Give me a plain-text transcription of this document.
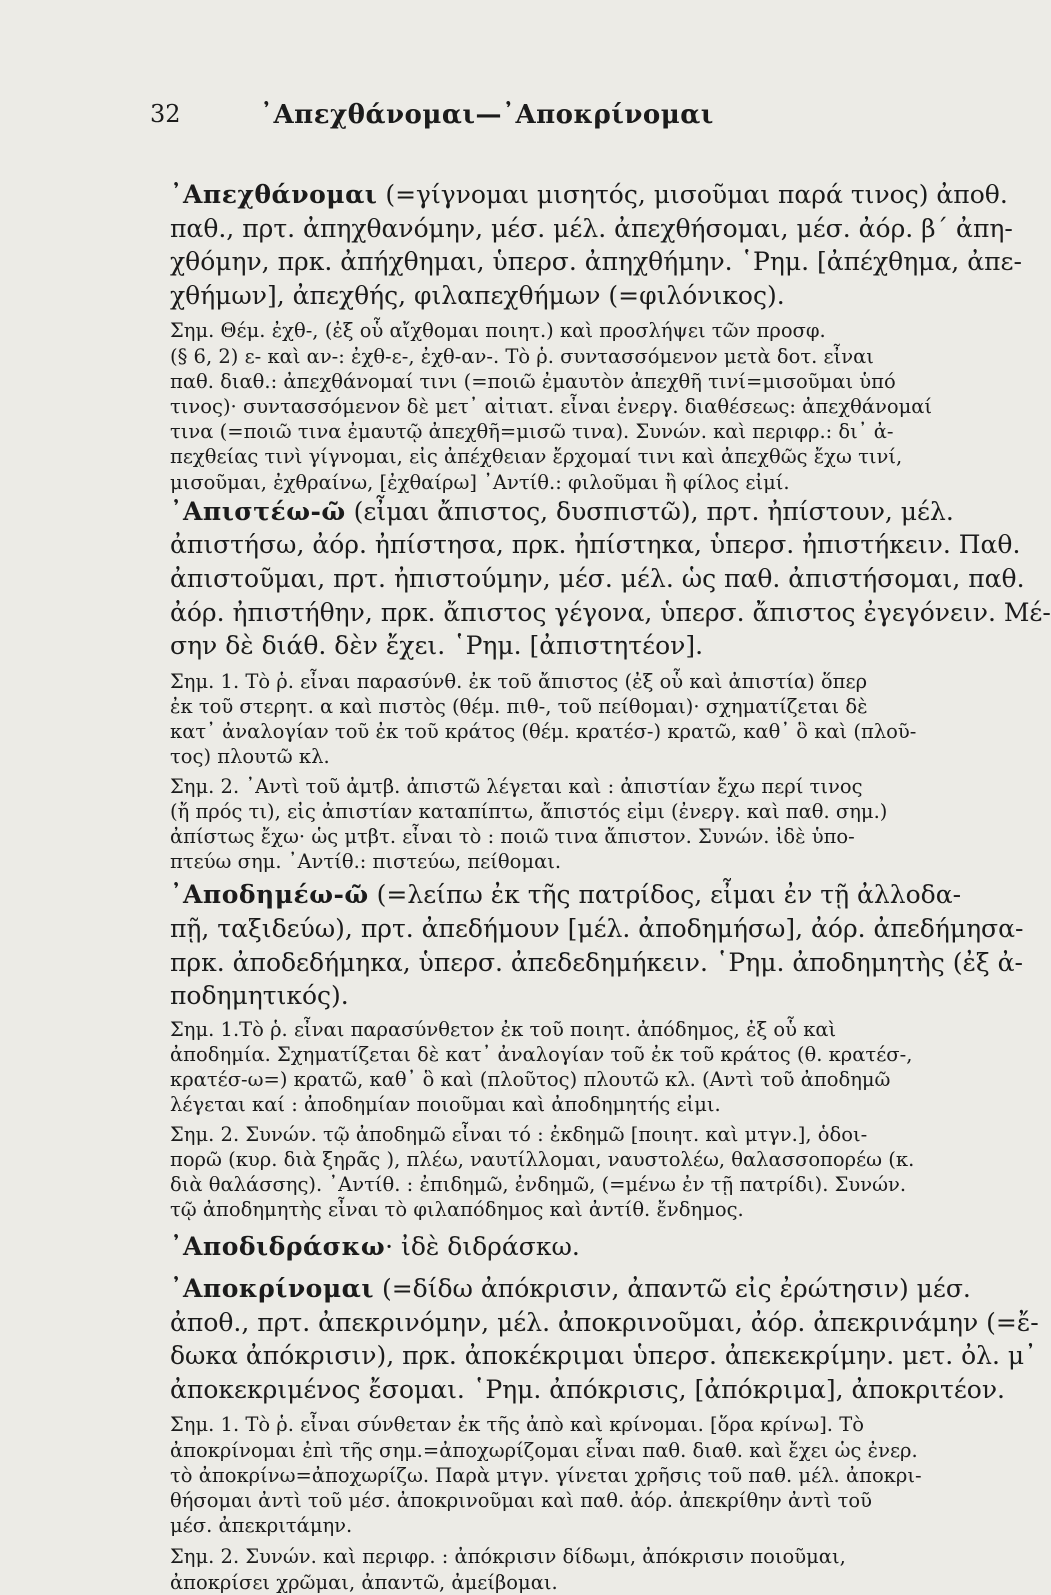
32	᾽Απεχθάνομαι—᾽Αποκρίνομαι

᾽Απεχθάνομαι (=γίγνομαι μισητός, μισοῦμαι παρά τινος) ἀποθ.
παθ., πρτ. ἀπηχθανόμην, μέσ. μέλ. ἀπεχθήσομαι, μέσ. ἀόρ. β΄ ἀπη-
χθόμην, πρκ. ἀπήχθημαι, ὑπερσ. ἀπηχθήμην. ῾Ρημ. [ἀπέχθημα, ἀπε-
χθήμων], ἀπεχθής, φιλαπεχθήμων (=φιλόνικος).

Σημ. Θέμ. ἐχθ-, (ἐξ οὗ αἴχθομαι ποιητ.) καὶ προσλήψει τῶν προσφ.
(§ 6, 2) ε- καὶ αν-: ἐχθ-ε-, ἐχθ-αν-. Τὸ ῥ. συντασσόμενον μετὰ δοτ. εἶναι
παθ. διαθ.: ἀπεχθάνομαί τινι (=ποιῶ ἐμαυτὸν ἀπεχθῆ τινί=μισοῦμαι ὑπό
τινος)· συντασσόμενον δὲ μετ᾽ αἰτιατ. εἶναι ἐνεργ. διαθέσεως: ἀπεχθάνομαί
τινα (=ποιῶ τινα ἐμαυτῷ ἀπεχθῆ=μισῶ τινα). Συνών. καὶ περιφρ.: δι᾽ ἀ-
πεχθείας τινὶ γίγνομαι, εἰς ἀπέχθειαν ἔρχομαί τινι καὶ ἀπεχθῶς ἔχω τινί,
μισοῦμαι, ἐχθραίνω, [ἐχθαίρω] ᾽Αντίθ.: φιλοῦμαι ἢ φίλος εἰμί.

᾽Απιστέω-ῶ (εἶμαι ἄπιστος, δυσπιστῶ), πρτ. ἠπίστουν, μέλ.
ἀπιστήσω, ἀόρ. ἠπίστησα, πρκ. ἠπίστηκα, ὑπερσ. ἠπιστήκειν. Παθ.
ἀπιστοῦμαι, πρτ. ἠπιστούμην, μέσ. μέλ. ὡς παθ. ἀπιστήσομαι, παθ.
ἀόρ. ἠπιστήθην, πρκ. ἄπιστος γέγονα, ὑπερσ. ἄπιστος ἐγεγόνειν. Μέ-
σην δὲ διάθ. δὲν ἔχει. ῾Ρημ. [ἀπιστητέον].

Σημ. 1. Τὸ ῥ. εἶναι παρασύνθ. ἐκ τοῦ ἄπιστος (ἐξ οὗ καὶ ἀπιστία) ὅπερ
ἐκ τοῦ στερητ. α καὶ πιστὸς (θέμ. πιθ-, τοῦ πείθομαι)· σχηματίζεται δὲ
κατ᾽ ἀναλογίαν τοῦ ἐκ τοῦ κράτος (θέμ. κρατέσ-) κρατῶ, καθ᾽ ὃ καὶ (πλοῦ-
τος) πλουτῶ κλ.

Σημ. 2. ᾽Αντὶ τοῦ ἀμτβ. ἀπιστῶ λέγεται καὶ : ἀπιστίαν ἔχω περί τινος
(ἤ πρός τι), εἰς ἀπιστίαν καταπίπτω, ἄπιστός εἰμι (ἐνεργ. καὶ παθ. σημ.)
ἀπίστως ἔχω· ὡς μτβτ. εἶναι τὸ : ποιῶ τινα ἄπιστον. Συνών. ἰδὲ ὑπο-
πτεύω σημ. ᾽Αντίθ.: πιστεύω, πείθομαι.

᾽Αποδημέω-ῶ (=λείπω ἐκ τῆς πατρίδος, εἶμαι ἐν τῇ ἀλλοδα-
πῇ, ταξιδεύω), πρτ. ἀπεδήμουν [μέλ. ἀποδημήσω], ἀόρ. ἀπεδήμησα-
πρκ. ἀποδεδήμηκα, ὑπερσ. ἀπεδεδημήκειν. ῾Ρημ. ἀποδημητὴς (ἐξ ἀ-
ποδημητικός).

Σημ. 1.Τὸ ῥ. εἶναι παρασύνθετον ἐκ τοῦ ποιητ. ἀπόδημος, ἐξ οὗ καὶ
ἀποδημία. Σχηματίζεται δὲ κατ᾽ ἀναλογίαν τοῦ ἐκ τοῦ κράτος (θ. κρατέσ-,
κρατέσ-ω=) κρατῶ, καθ᾽ ὃ καὶ (πλοῦτος) πλουτῶ κλ. (Αντὶ τοῦ ἀποδημῶ
λέγεται καί : ἀποδημίαν ποιοῦμαι καὶ ἀποδημητής εἰμι.

Σημ. 2. Συνών. τῷ ἀποδημῶ εἶναι τό : ἐκδημῶ [ποιητ. καὶ μτγν.], ὁδοι-
πορῶ (κυρ. διὰ ξηρᾶς ), πλέω, ναυτίλλομαι, ναυστολέω, θαλασσοπορέω (κ.
διὰ θαλάσσης). ᾽Αντίθ. : ἐπιδημῶ, ἐνδημῶ, (=μένω ἐν τῇ πατρίδι). Συνών.
τῷ ἀποδημητὴς εἶναι τὸ φιλαπόδημος καὶ ἀντίθ. ἔνδημος.

᾽Αποδιδράσκω· ἰδὲ διδράσκω.

᾽Αποκρίνομαι (=δίδω ἀπόκρισιν, ἀπαντῶ εἰς ἐρώτησιν) μέσ.
ἀποθ., πρτ. ἀπεκρινόμην, μέλ. ἀποκρινοῦμαι, ἀόρ. ἀπεκρινάμην (=ἔ-
δωκα ἀπόκρισιν), πρκ. ἀποκέκριμαι ὑπερσ. ἀπεκεκρίμην. μετ. ὀλ. μ᾽
ἀποκεκριμένος ἔσομαι. ῾Ρημ. ἀπόκρισις, [ἀπόκριμα], ἀποκριτέον.

Σημ. 1. Τὸ ῥ. εἶναι σύνθεταν ἐκ τῆς ἀπὸ καὶ κρίνομαι. [ὅρα κρίνω]. Τὸ
ἀποκρίνομαι ἐπὶ τῆς σημ.=ἀποχωρίζομαι εἶναι παθ. διαθ. καὶ ἔχει ὡς ἐνερ.
τὸ ἀποκρίνω=ἀποχωρίζω. Παρὰ μτγν. γίνεται χρῆσις τοῦ παθ. μέλ. ἀποκρι-
θήσομαι ἀντὶ τοῦ μέσ. ἀποκρινοῦμαι καὶ παθ. ἀόρ. ἀπεκρίθην ἀντὶ τοῦ
μέσ. ἀπεκριτάμην.

Σημ. 2. Συνών. καὶ περιφρ. : ἀπόκρισιν δίδωμι, ἀπόκρισιν ποιοῦμαι,
ἀποκρίσει χρῶμαι, ἀπαντῶ, ἀμείβομαι.
